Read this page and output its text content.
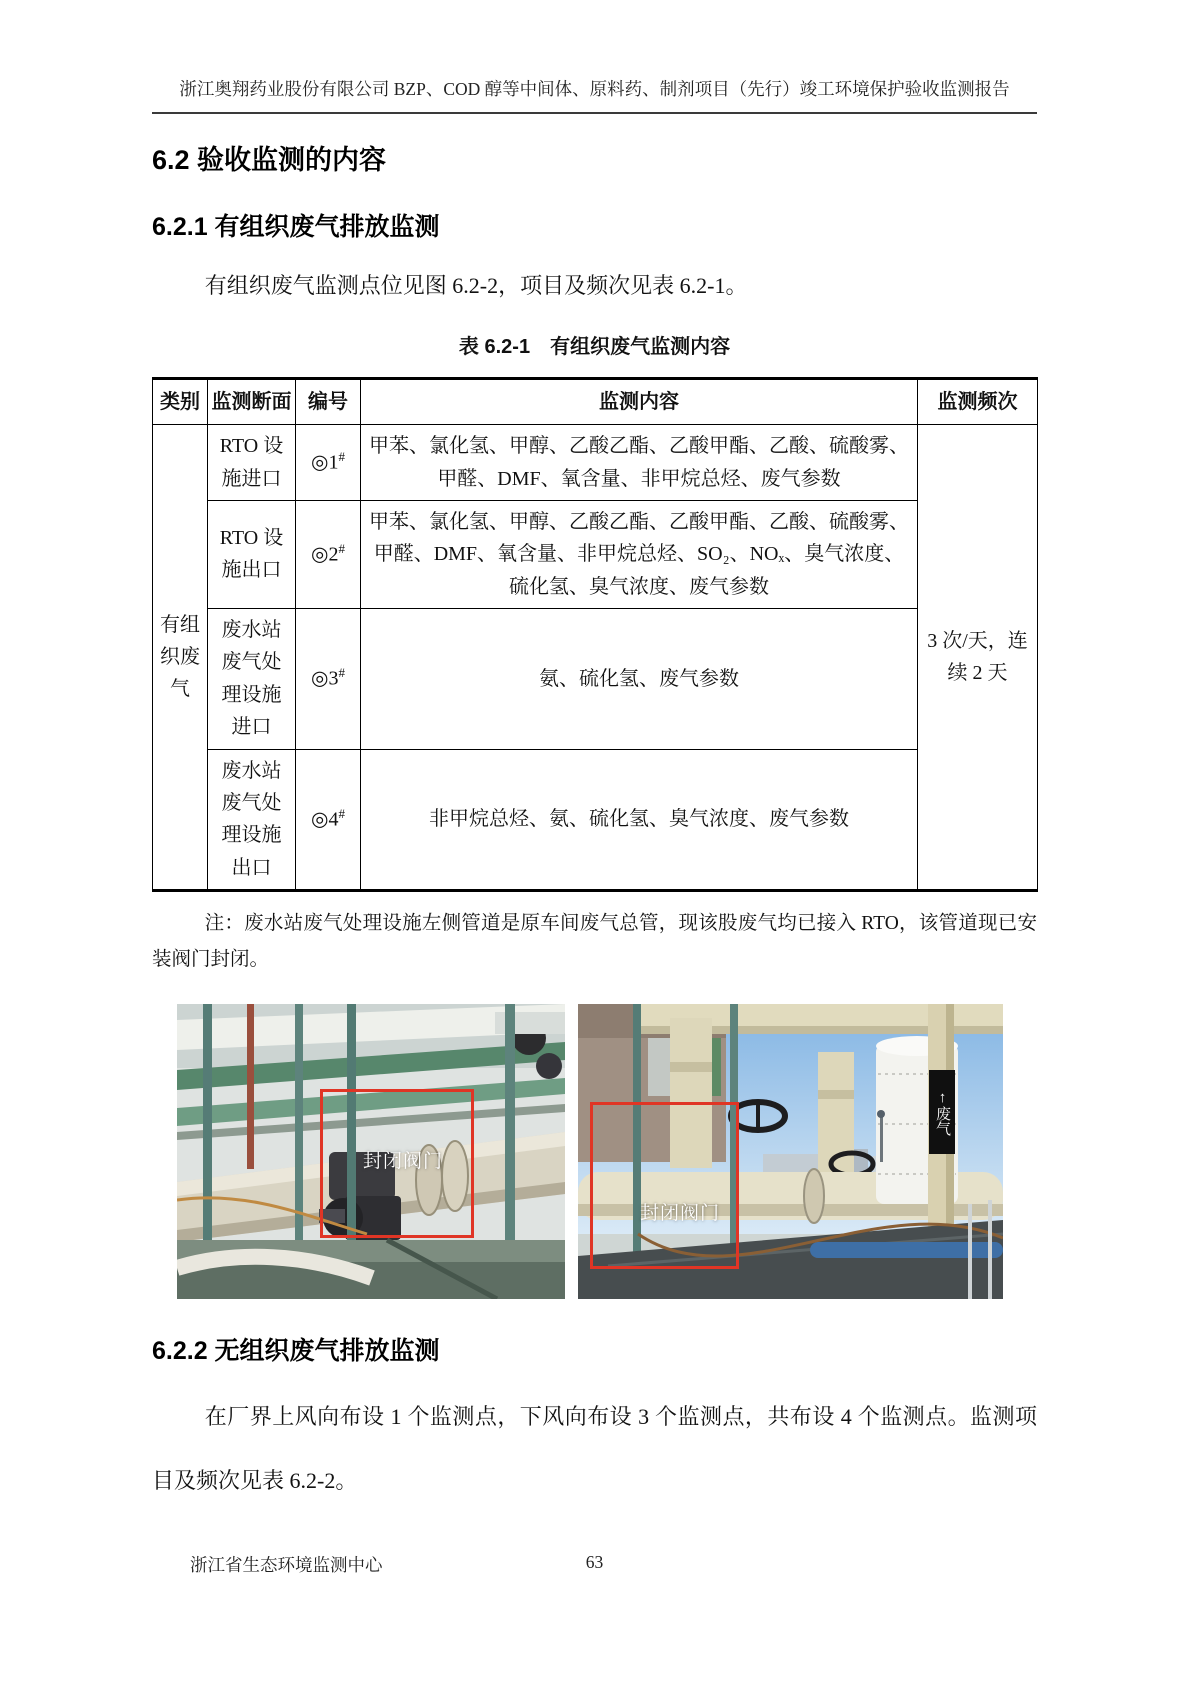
浙江奥翔药业股份有限公司 BZP、COD 醇等中间体、原料药、制剂项目（先行）竣工环境保护验收监测报告
6.2 验收监测的内容
6.2.1 有组织废气排放监测

有组织废气监测点位见图 6.2-2，项目及频次见表 6.2-1。

表 6.2-1　有组织废气监测内容
类别	监测断面	编号	监测内容	监测频次
有组织废气	RTO 设施进口	◎1#	甲苯、氯化氢、甲醇、乙酸乙酯、乙酸甲酯、乙酸、硫酸雾、甲醛、DMF、氧含量、非甲烷总烃、废气参数	3 次/天，连续 2 天
	RTO 设施出口	◎2#	甲苯、氯化氢、甲醇、乙酸乙酯、乙酸甲酯、乙酸、硫酸雾、甲醛、DMF、氧含量、非甲烷总烃、SO₂、NOₓ、臭气浓度、硫化氢、臭气浓度、废气参数	
	废水站废气处理设施进口	◎3#	氨、硫化氢、废气参数	
	废水站废气处理设施出口	◎4#	非甲烷总烃、氨、硫化氢、臭气浓度、废气参数	

注：废水站废气处理设施左侧管道是原车间废气总管，现该股废气均已接入 RTO，该管道现已安装阀门封闭。

封闭阀门
封闭阀门
↑废气
6.2.2 无组织废气排放监测

在厂界上风向布设 1 个监测点，下风向布设 3 个监测点，共布设 4 个监测点。监测项目及频次见表 6.2-2。

浙江省生态环境监测中心	63
